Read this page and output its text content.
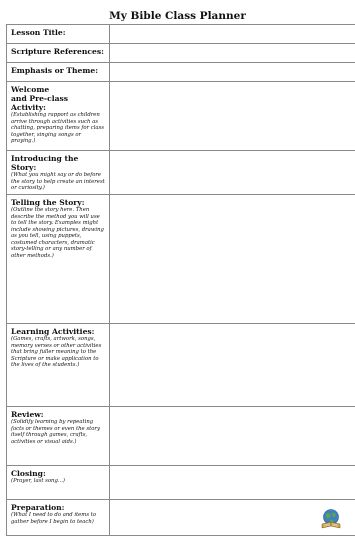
My Bible Class Planner
Lesson Title:	

Scripture References:	

Emphasis or Theme:	

Welcome
and Pre-class Activity:
(Establishing rapport as children arrive through activities such as chatting, preparing items for class together, singing songs or praying.)	

Introducing the Story:
(What you might say or do before the story to help create an interest or curiosity.)	

Telling the Story:
(Outline the story here. Then describe the method you will use to tell the story. Examples might include showing pictures, drawing as you tell, using puppets, costumed characters, dramatic story-telling or any number of other methods.)	

Learning Activities:
(Games, crafts, artwork, songs, memory verses or other activities that bring fuller meaning to the Scripture or make application to the lives of the students.)	

Review:
(Solidify learning by repeating facts or themes or even the story itself through games, crafts, activities or visual aids.)	

Closing:
(Prayer, last song...)	

Preparation:
(What I need to do and items to gather before I begin to teach)	
